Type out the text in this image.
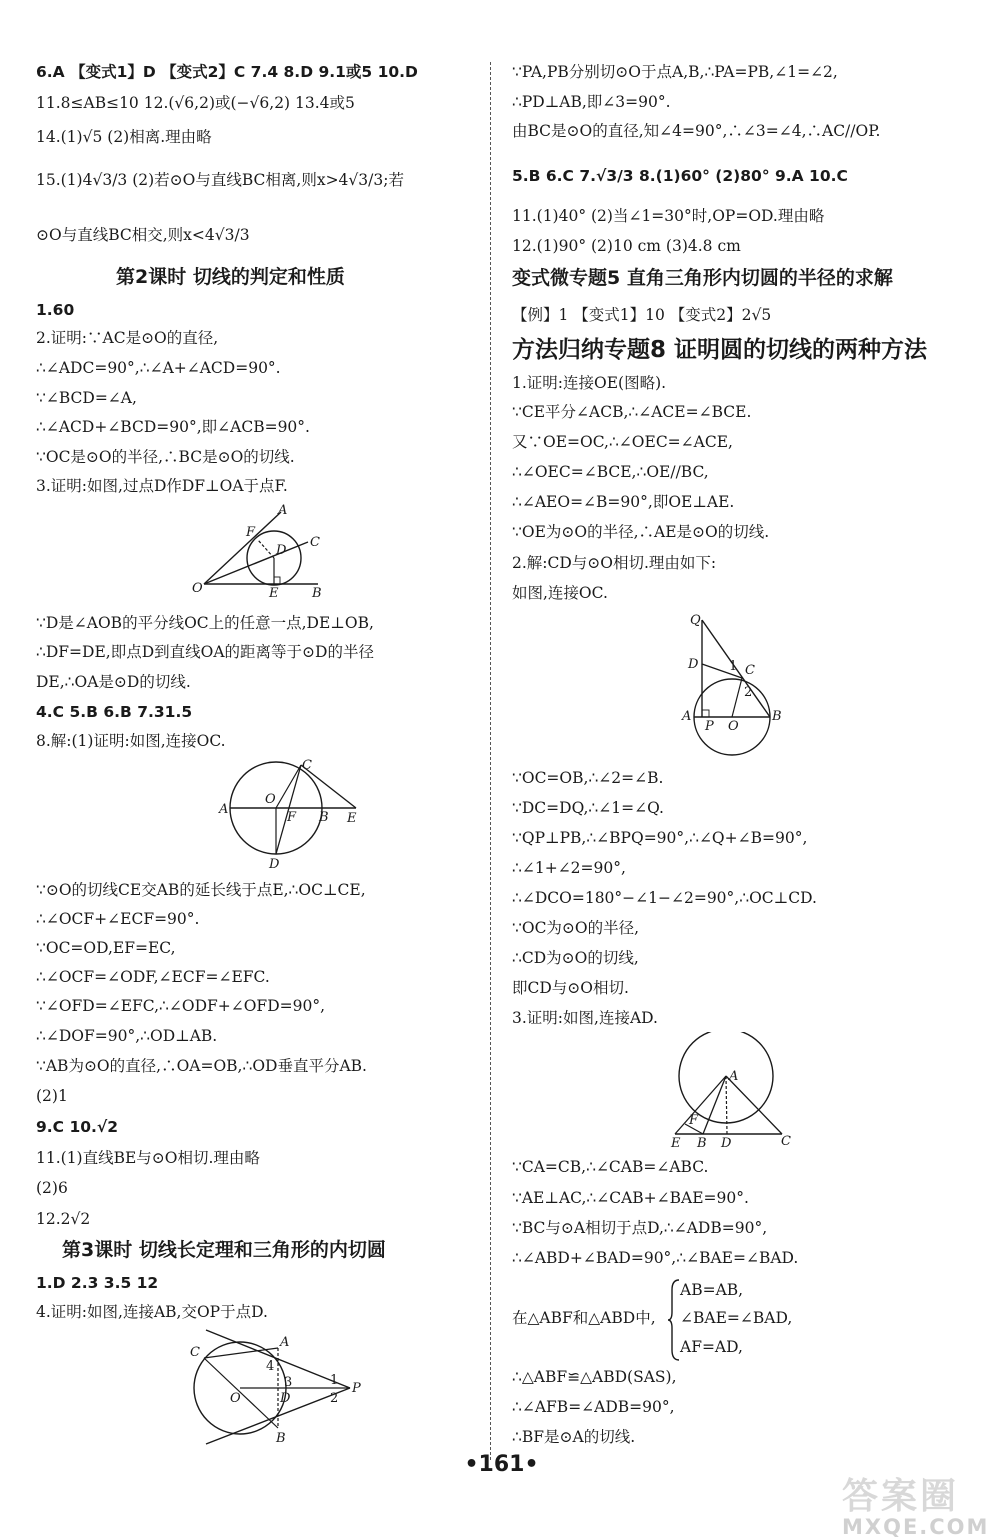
6.A 【变式1】D 【变式2】C 7.4 8.D 9.1或5 10.D
11.8≤AB≤10 12.(√6,2)或(−√6,2) 13.4或5
14.(1)√5 (2)相离.理由略
15.(1)4√3/3 (2)若⊙O与直线BC相离,则x>4√3/3;若
⊙O与直线BC相交,则x<4√3/3
第2课时 切线的判定和性质
1.60
2.证明:∵AC是⊙O的直径,
∴∠ADC=90°,∴∠A+∠ACD=90°.
∵∠BCD=∠A,
∴∠ACD+∠BCD=90°,即∠ACB=90°.
∵OC是⊙O的半径,∴BC是⊙O的切线.
3.证明:如图,过点D作DF⊥OA于点F.
A
F
D
C
O	E	B
∵D是∠AOB的平分线OC上的任意一点,DE⊥OB,
∴DF=DE,即点D到直线OA的距离等于⊙D的半径
DE,∴OA是⊙D的切线.
4.C 5.B 6.B 7.31.5
8.解:(1)证明:如图,连接OC.
C
A
O
F B E
D
∵⊙O的切线CE交AB的延长线于点E,∴OC⊥CE,
∴∠OCF+∠ECF=90°.
∵OC=OD,EF=EC,
∴∠OCF=∠ODF,∠ECF=∠EFC.
∵∠OFD=∠EFC,∴∠ODF+∠OFD=90°,
∴∠DOF=90°,∴OD⊥AB.
∵AB为⊙O的直径,∴OA=OB,∴OD垂直平分AB.
(2)1
9.C 10.√2
11.(1)直线BE与⊙O相切.理由略
(2)6
12.2√2
第3课时 切线长定理和三角形的内切圆
1.D 2.3 3.5 12
4.证明:如图,连接AB,交OP于点D.
C
A
4
3
O	D
1
2
P
B
∵PA,PB分别切⊙O于点A,B,∴PA=PB,∠1=∠2,
∴PD⊥AB,即∠3=90°.
由BC是⊙O的直径,知∠4=90°,∴∠3=∠4,∴AC//OP.
5.B 6.C 7.√3/3 8.(1)60° (2)80° 9.A 10.C
11.(1)40° (2)当∠1=30°时,OP=OD.理由略
12.(1)90° (2)10 cm (3)4.8 cm
变式微专题5 直角三角形内切圆的半径的求解
【例】1 【变式1】10 【变式2】2√5
方法归纳专题8 证明圆的切线的两种方法
1.证明:连接OE(图略).
∵CE平分∠ACB,∴∠ACE=∠BCE.
又∵OE=OC,∴∠OEC=∠ACE,
∴∠OEC=∠BCE,∴OE//BC,
∴∠AEO=∠B=90°,即OE⊥AE.
∵OE为⊙O的半径,∴AE是⊙O的切线.
2.解:CD与⊙O相切.理由如下:
如图,连接OC.
Q
D 1 C
2
A
P O
B
∵OC=OB,∴∠2=∠B.
∵DC=DQ,∴∠1=∠Q.
∵QP⊥PB,∴∠BPQ=90°,∴∠Q+∠B=90°,
∴∠1+∠2=90°,
∴∠DCO=180°−∠1−∠2=90°,∴OC⊥CD.
∵OC为⊙O的半径,
∴CD为⊙O的切线,
即CD与⊙O相切.
3.证明:如图,连接AD.
A
F
E B D	C
∵CA=CB,∴∠CAB=∠ABC.
∵AE⊥AC,∴∠CAB+∠BAE=90°.
∵BC与⊙A相切于点D,∴∠ADB=90°,
∴∠ABD+∠BAD=90°,∴∠BAE=∠BAD.
AB=AB,
在△ABF和△ABD中, ∠BAE=∠BAD,
AF=AD,
∴△ABF≌△ABD(SAS),
∴∠AFB=∠ADB=90°,
∴BF是⊙A的切线.
•161•
答案圈
MXQE.COM
